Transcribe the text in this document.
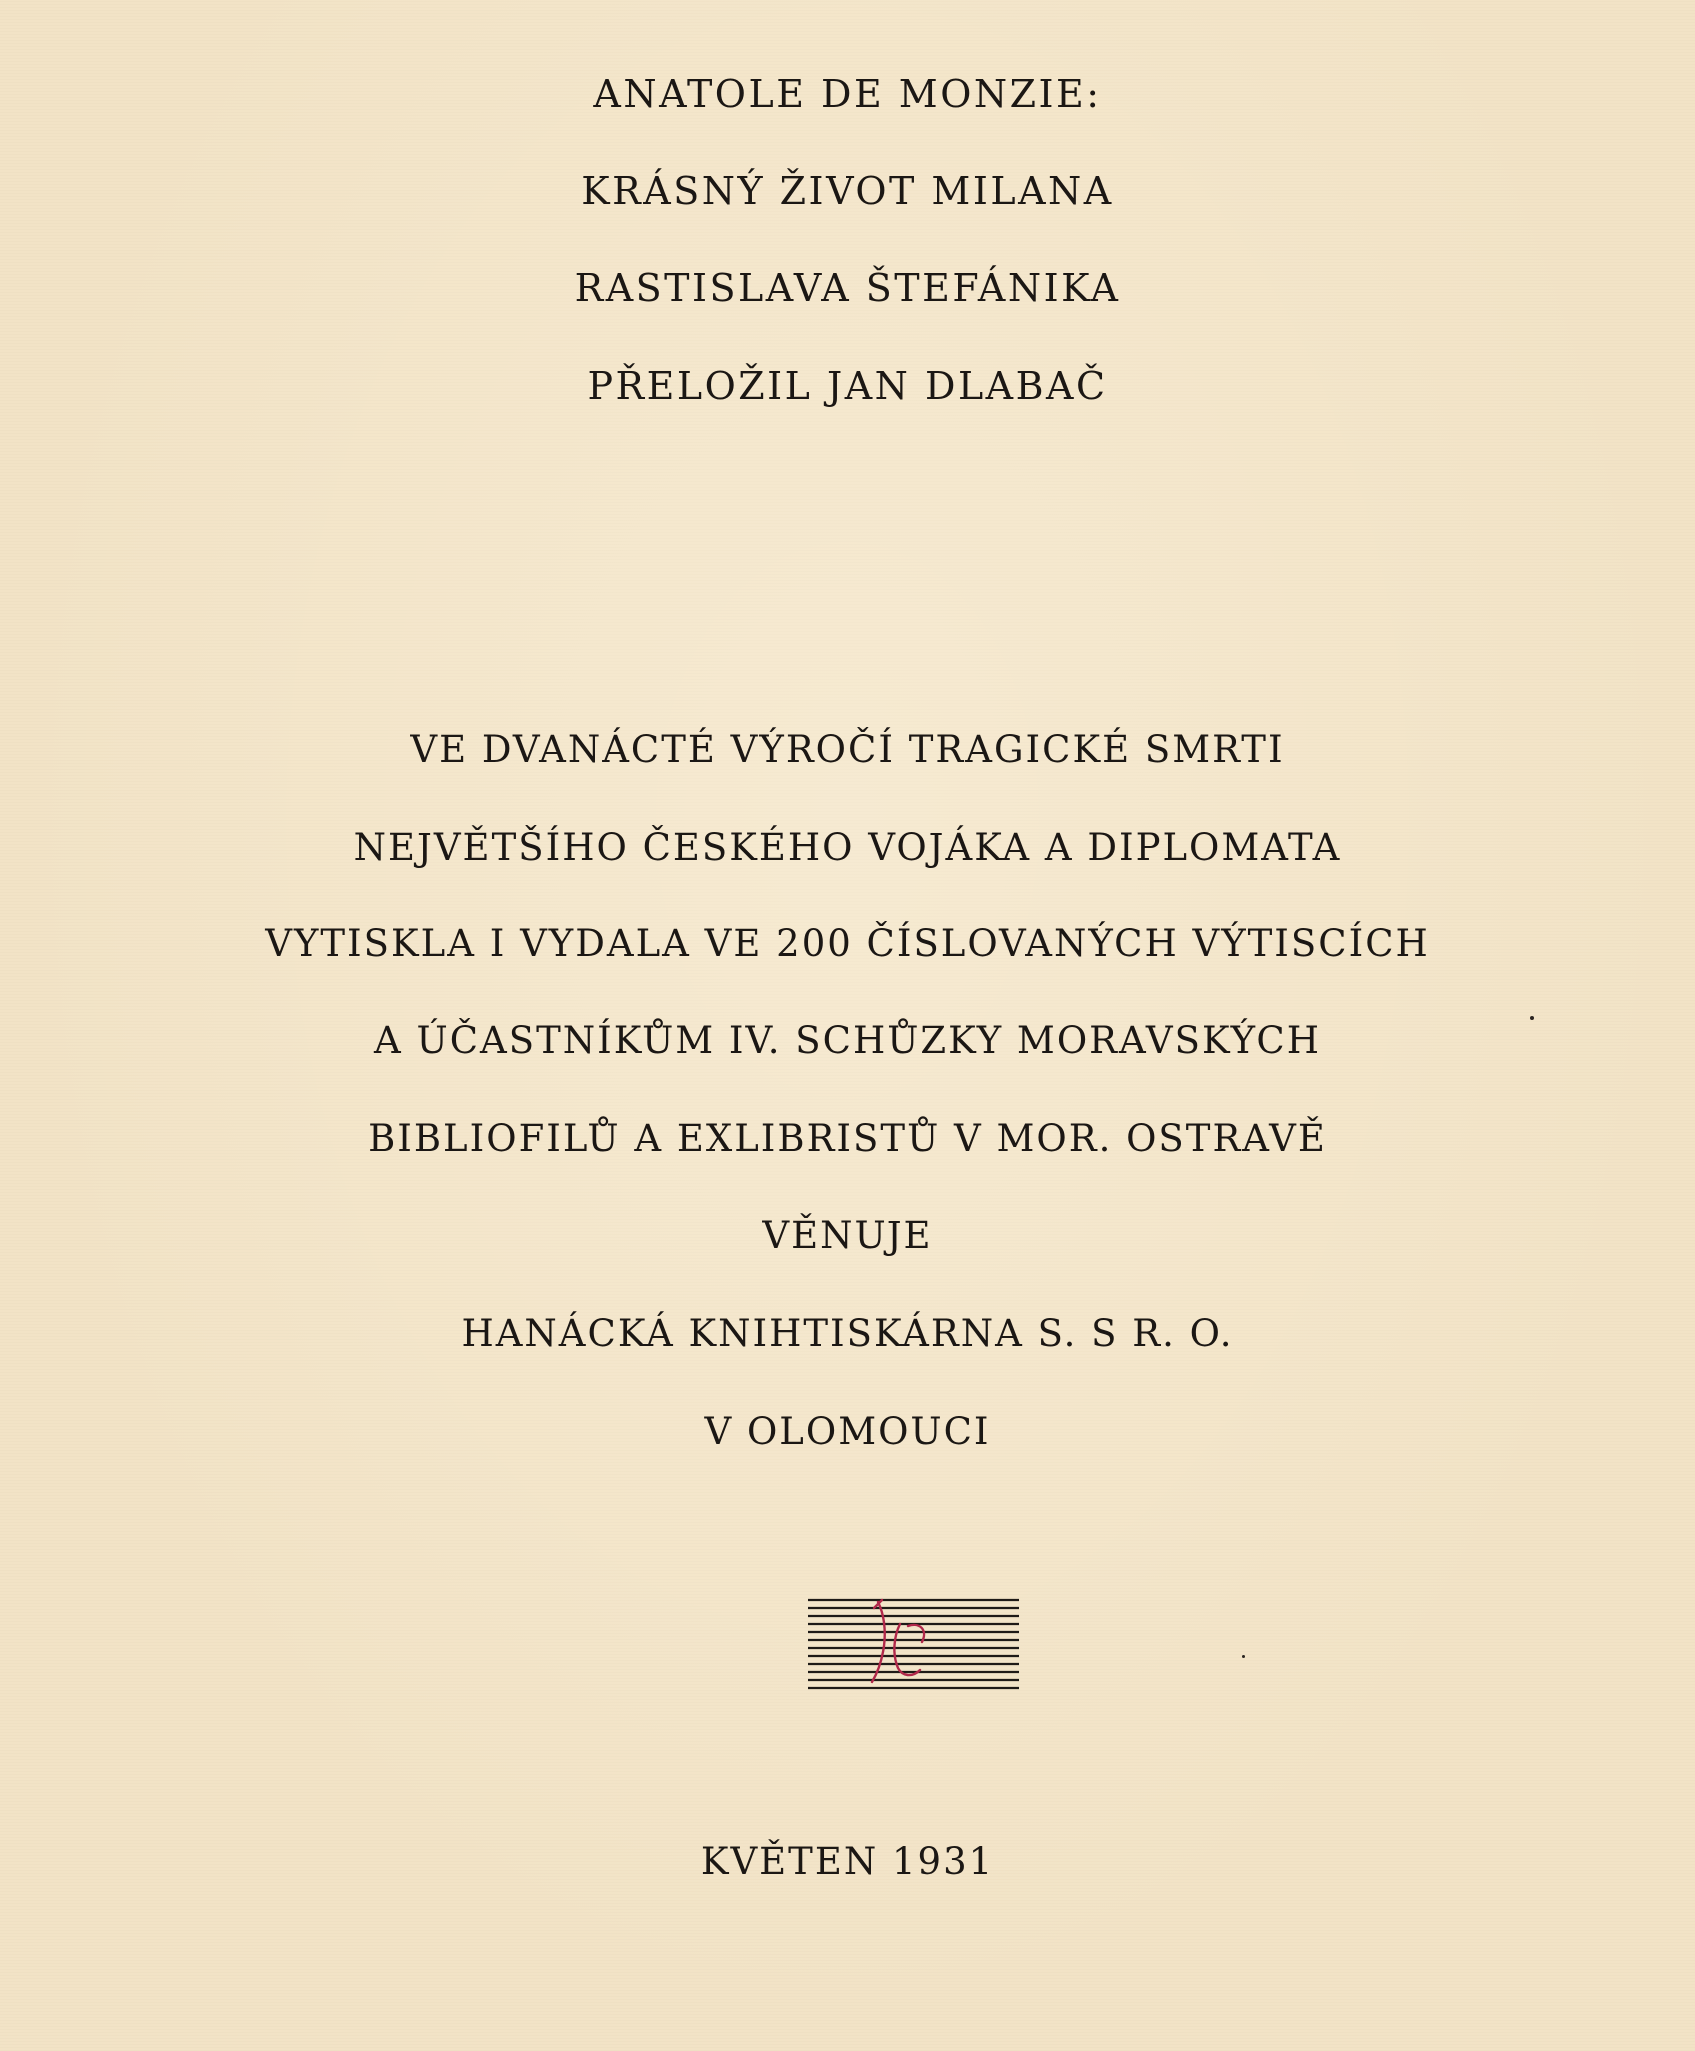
ANATOLE DE MONZIE:
KRÁSNÝ ŽIVOT MILANA
RASTISLAVA ŠTEFÁNIKA
PŘELOŽIL JAN DLABAČ
VE DVANÁCTÉ VÝROČÍ TRAGICKÉ SMRTI
NEJVĚTŠÍHO ČESKÉHO VOJÁKA A DIPLOMATA
VYTISKLA I VYDALA VE 200 ČÍSLOVANÝCH VÝTISCÍCH
A ÚČASTNÍKŮM IV. SCHŮZKY MORAVSKÝCH
BIBLIOFILŮ A EXLIBRISTŮ V MOR. OSTRAVĚ
VĚNUJE
HANÁCKÁ KNIHTISKÁRNA S. S R. O.
V OLOMOUCI
KVĚTEN 1931
